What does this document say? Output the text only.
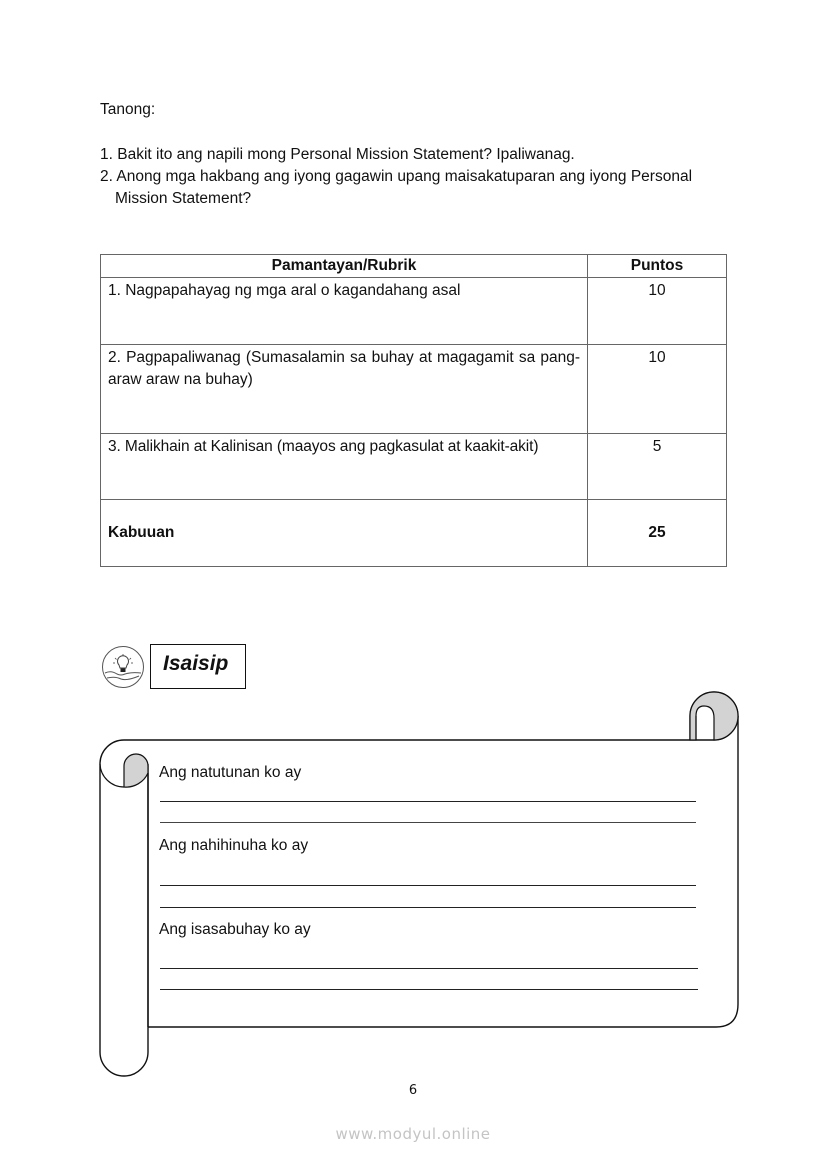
Tanong:
1. Bakit ito ang napili mong Personal Mission Statement? Ipaliwanag.
2. Anong mga hakbang ang iyong gagawin upang maisakatuparan ang iyong Personal
Mission Statement?
Pamantayan/Rubrik	Puntos
1. Nagpapahayag ng mga aral o kagandahang asal	10
2. Pagpapaliwanag (Sumasalamin sa buhay at magagamit sa pang-araw araw na buhay)	10
3. Malikhain at Kalinisan (maayos ang pagkasulat at kaakit-akit)	5
Kabuuan	25
Isaisip
Ang natutunan ko ay
Ang nahihinuha ko ay
Ang isasabuhay ko ay
6
www.modyul.online
